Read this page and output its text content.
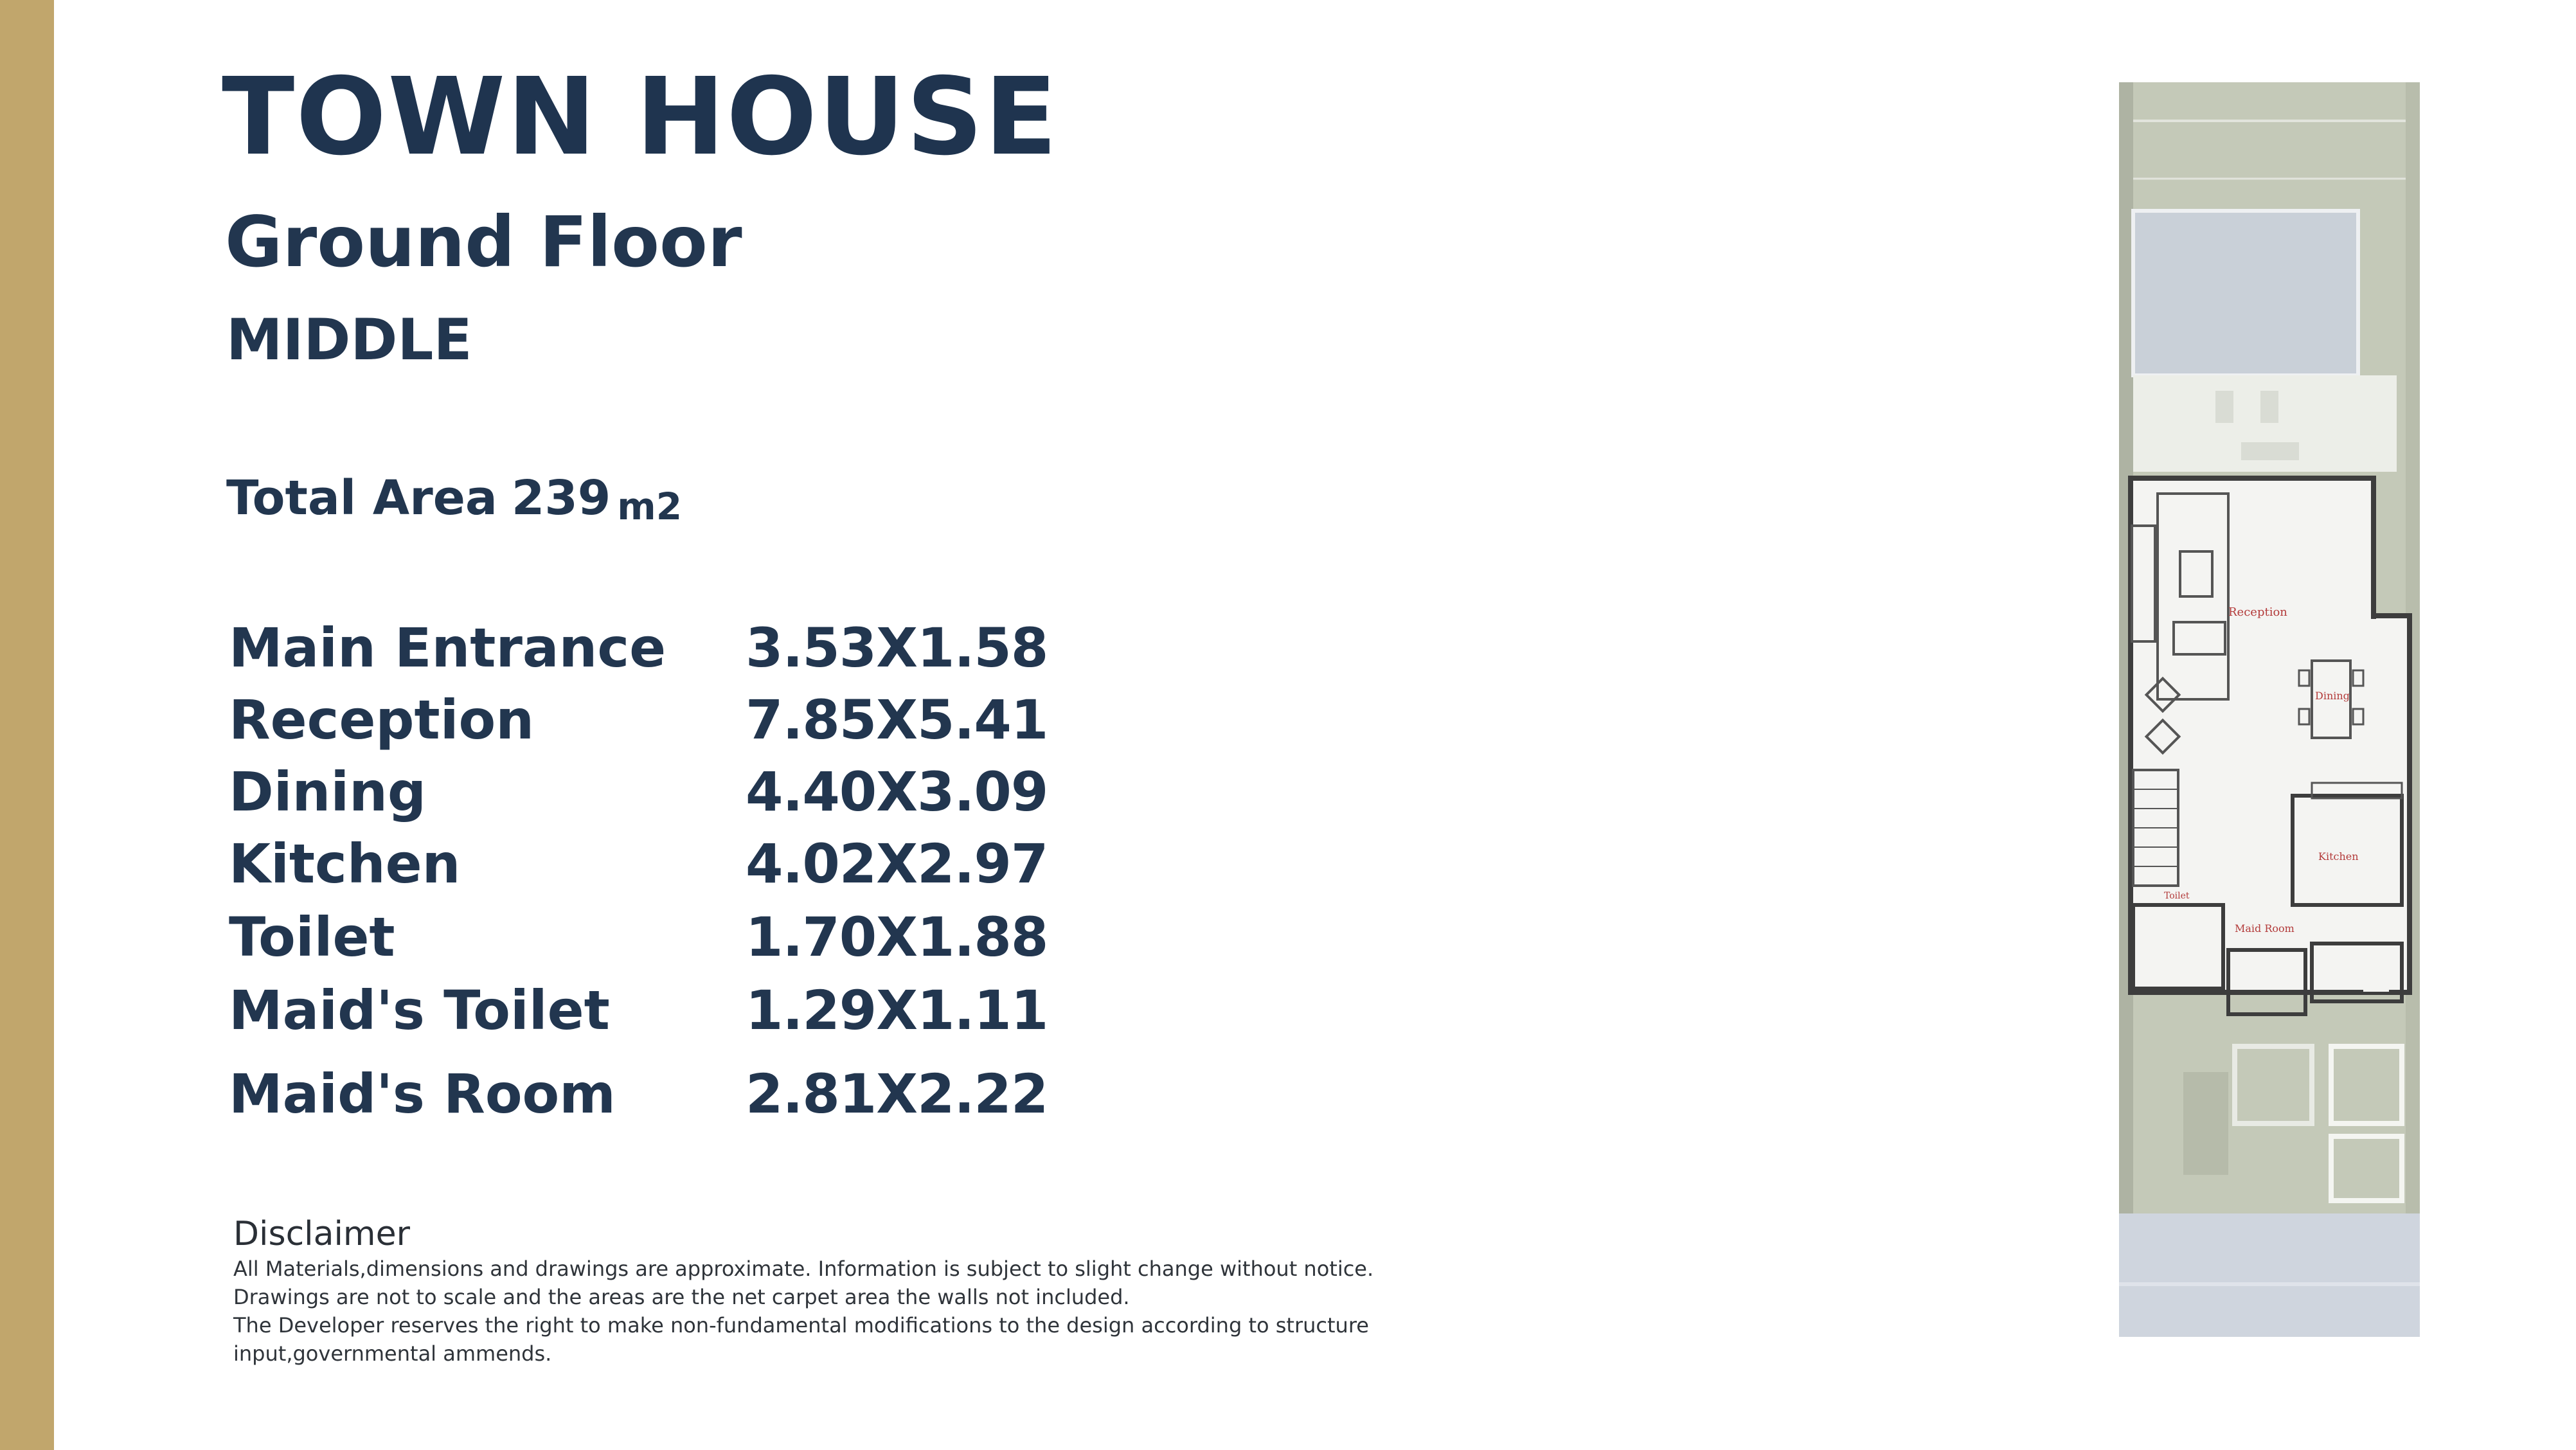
TOWN HOUSE
Ground Floor
MIDDLE
Total Area 239 m2
Main Entrance 3.53X1.58
Reception	7.85X5.41
Dining	4.40X3.09
Kitchen	4.02X2.97
Toilet	1.70X1.88
Maid's Toilet	1.29X1.11
Maid's Room 2.81X2.22
Disclaimer
All Materials,dimensions and drawings are approximate. Information is subject to slight change without notice.
Drawings are not to scale and the areas are the net carpet area the walls not included.
The Developer reserves the right to make non-fundamental modifications to the design according to structure
input,governmental ammends.
Reception
Dining
Kitchen
Toilet
Maid Room
